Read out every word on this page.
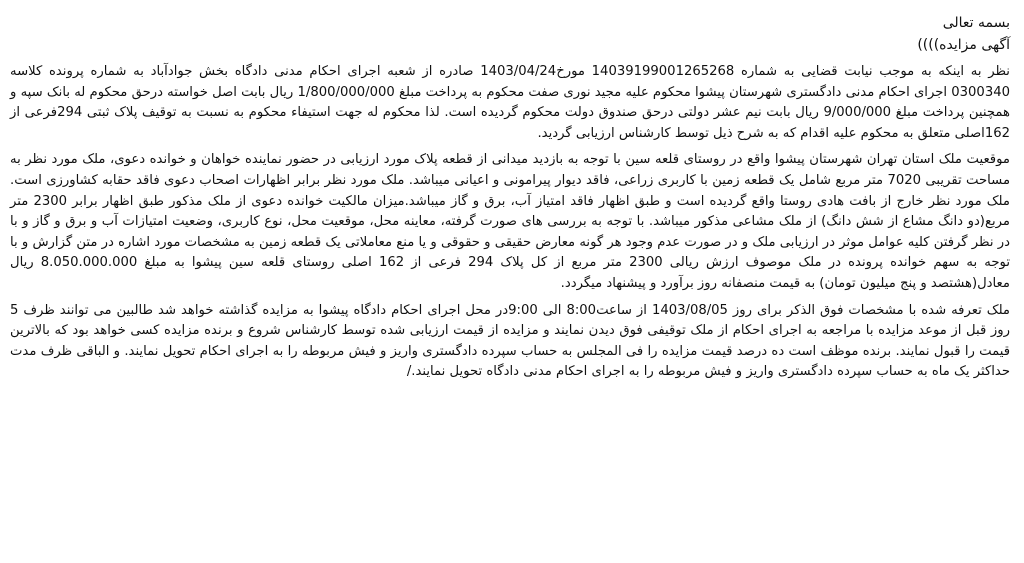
بسمه تعالی

آگهی مزایده))))

نظر به اینکه به موجب نیابت قضایی به شماره 14039199001265268 مورخ1403/04/24 صادره از شعبه اجرای احکام مدنی دادگاه بخش جوادآباد به شماره پرونده کلاسه 0300340 اجرای احکام مدنی دادگستری شهرستان پیشوا محکوم علیه مجید نوری صفت محکوم به پرداخت مبلغ 1/800/000/000 ریال بابت اصل خواسته درحق محکوم له بانک سپه و همچنین پرداخت مبلغ 9/000/000 ریال بابت نیم عشر دولتی درحق صندوق دولت محکوم گردیده است. لذا محکوم له جهت استیفاء محکوم به نسبت به توقیف پلاک ثبتی 294فرعی از 162اصلی متعلق به محکوم علیه اقدام که به شرح ذیل توسط کارشناس ارزیابی گردید.

موقعیت ملک استان تهران شهرستان پیشوا واقع در روستای قلعه سین با توجه به بازدید میدانی از قطعه پلاک مورد ارزیابی در حضور نماینده خواهان و خوانده دعوی، ملک مورد نظر به مساحت تقریبی 7020 متر مربع شامل یک قطعه زمین با کاربری زراعی، فاقد دیوار پیرامونی و اعیانی میباشد. ملک مورد نظر برابر اظهارات اصحاب دعوی فاقد حقابه کشاورزی است. ملک مورد نظر خارج از بافت هادی روستا واقع گردیده است و طبق اظهار فاقد امتیاز آب، برق و گاز میباشد.میزان مالکیت خوانده دعوی از ملک مذکور طبق اظهار برابر 2300 متر مربع(دو دانگ مشاع از شش دانگ) از ملک مشاعی مذکور میباشد. با توجه به بررسی های صورت گرفته، معاینه محل، موقعیت محل، نوع کاربری، وضعیت امتیازات آب و برق و گاز و با در نظر گرفتن کلیه عوامل موثر در ارزیابی ملک و در صورت عدم وجود هر گونه معارض حقیقی و حقوقی و یا منع معاملاتی یک قطعه زمین به مشخصات مورد اشاره در متن گزارش و با توجه به سهم خوانده پرونده در ملک موصوف ارزش ریالی 2300 متر مربع از کل پلاک 294 فرعی از 162 اصلی روستای قلعه سین پیشوا به مبلغ 8.050.000.000 ریال معادل(هشتصد و پنج میلیون تومان) به قیمت منصفانه روز برآورد و پیشنهاد میگردد.

ملک تعرفه شده با مشخصات فوق الذکر برای روز 1403/08/05 از ساعت8:00 الی 9:00در محل اجرای احکام دادگاه پیشوا به مزایده گذاشته خواهد شد طالبین می توانند ظرف 5 روز قبل از موعد مزایده با مراجعه به اجرای احکام از ملک توقیفی فوق دیدن نمایند و مزایده از قیمت ارزیابی شده توسط کارشناس شروع و برنده مزایده کسی خواهد بود که بالاترین قیمت را قبول نمایند. برنده موظف است ده درصد قیمت مزایده را فی المجلس به حساب سپرده دادگستری واریز و فیش مربوطه را به اجرای احکام تحویل نمایند. و الباقی ظرف مدت حداکثر یک ماه به حساب سپرده دادگستری واریز و فیش مربوطه را به اجرای احکام مدنی دادگاه تحویل نمایند./
